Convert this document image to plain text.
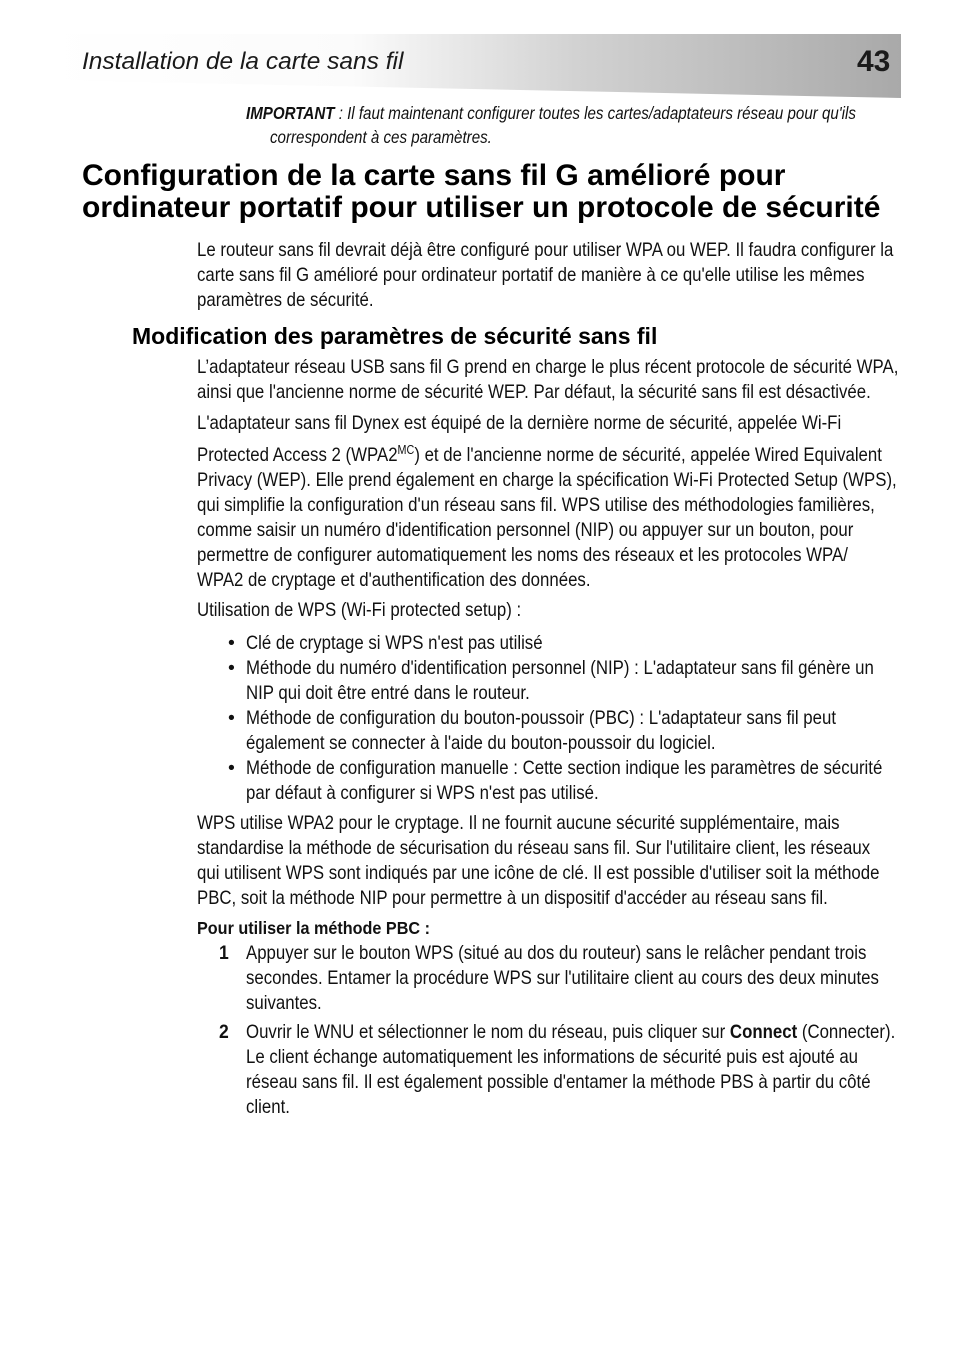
Installation de la carte sans fil	43
IMPORTANT : Il faut maintenant configurer toutes les cartes/adaptateurs réseau pour qu'ils
correspondent à ces paramètres.
Configuration de la carte sans fil G amélioré pour
ordinateur portatif pour utiliser un protocole de sécurité
Le routeur sans fil devrait déjà être configuré pour utiliser WPA ou WEP. Il faudra configurer la
carte sans fil G amélioré pour ordinateur portatif de manière à ce qu'elle utilise les mêmes
paramètres de sécurité.
Modification des paramètres de sécurité sans fil
L’adaptateur réseau USB sans fil G prend en charge le plus récent protocole de sécurité WPA,
ainsi que l'ancienne norme de sécurité WEP. Par défaut, la sécurité sans fil est désactivée.
L'adaptateur sans fil Dynex est équipé de la dernière norme de sécurité, appelée Wi-Fi
Protected Access 2 $(WPA2^{MC})$ et de l'ancienne norme de sécurité, appelée Wired Equivalent
Privacy (WEP). Elle prend également en charge la spécification Wi-Fi Protected Setup (WPS),
qui simplifie la configuration d'un réseau sans fil. WPS utilise des méthodologies familières,
comme saisir un numéro d'identification personnel (NIP) ou appuyer sur un bouton, pour
permettre de configurer automatiquement les noms des réseaux et les protocoles WPA/
WPA2 de cryptage et d'authentification des données.
Utilisation de WPS (Wi-Fi protected setup) :
• Clé de cryptage si WPS n'est pas utilisé
• Méthode du numéro d'identification personnel (NIP) : L'adaptateur sans fil génère un
NIP qui doit être entré dans le routeur.
• Méthode de configuration du bouton-poussoir (PBC) : L'adaptateur sans fil peut
également se connecter à l'aide du bouton-poussoir du logiciel.
• Méthode de configuration manuelle : Cette section indique les paramètres de sécurité
par défaut à configurer si WPS n'est pas utilisé.
WPS utilise WPA2 pour le cryptage. Il ne fournit aucune sécurité supplémentaire, mais
standardise la méthode de sécurisation du réseau sans fil. Sur l'utilitaire client, les réseaux
qui utilisent WPS sont indiqués par une icône de clé. Il est possible d'utiliser soit la méthode
PBC, soit la méthode NIP pour permettre à un dispositif d'accéder au réseau sans fil.
Pour utiliser la méthode PBC :
1 Appuyer sur le bouton WPS (situé au dos du routeur) sans le relâcher pendant trois
secondes. Entamer la procédure WPS sur l'utilitaire client au cours des deux minutes
suivantes.
2 Ouvrir le WNU et sélectionner le nom du réseau, puis cliquer sur Connect (Connecter).
Le client échange automatiquement les informations de sécurité puis est ajouté au
réseau sans fil. Il est également possible d'entamer la méthode PBS à partir du côté
client.
